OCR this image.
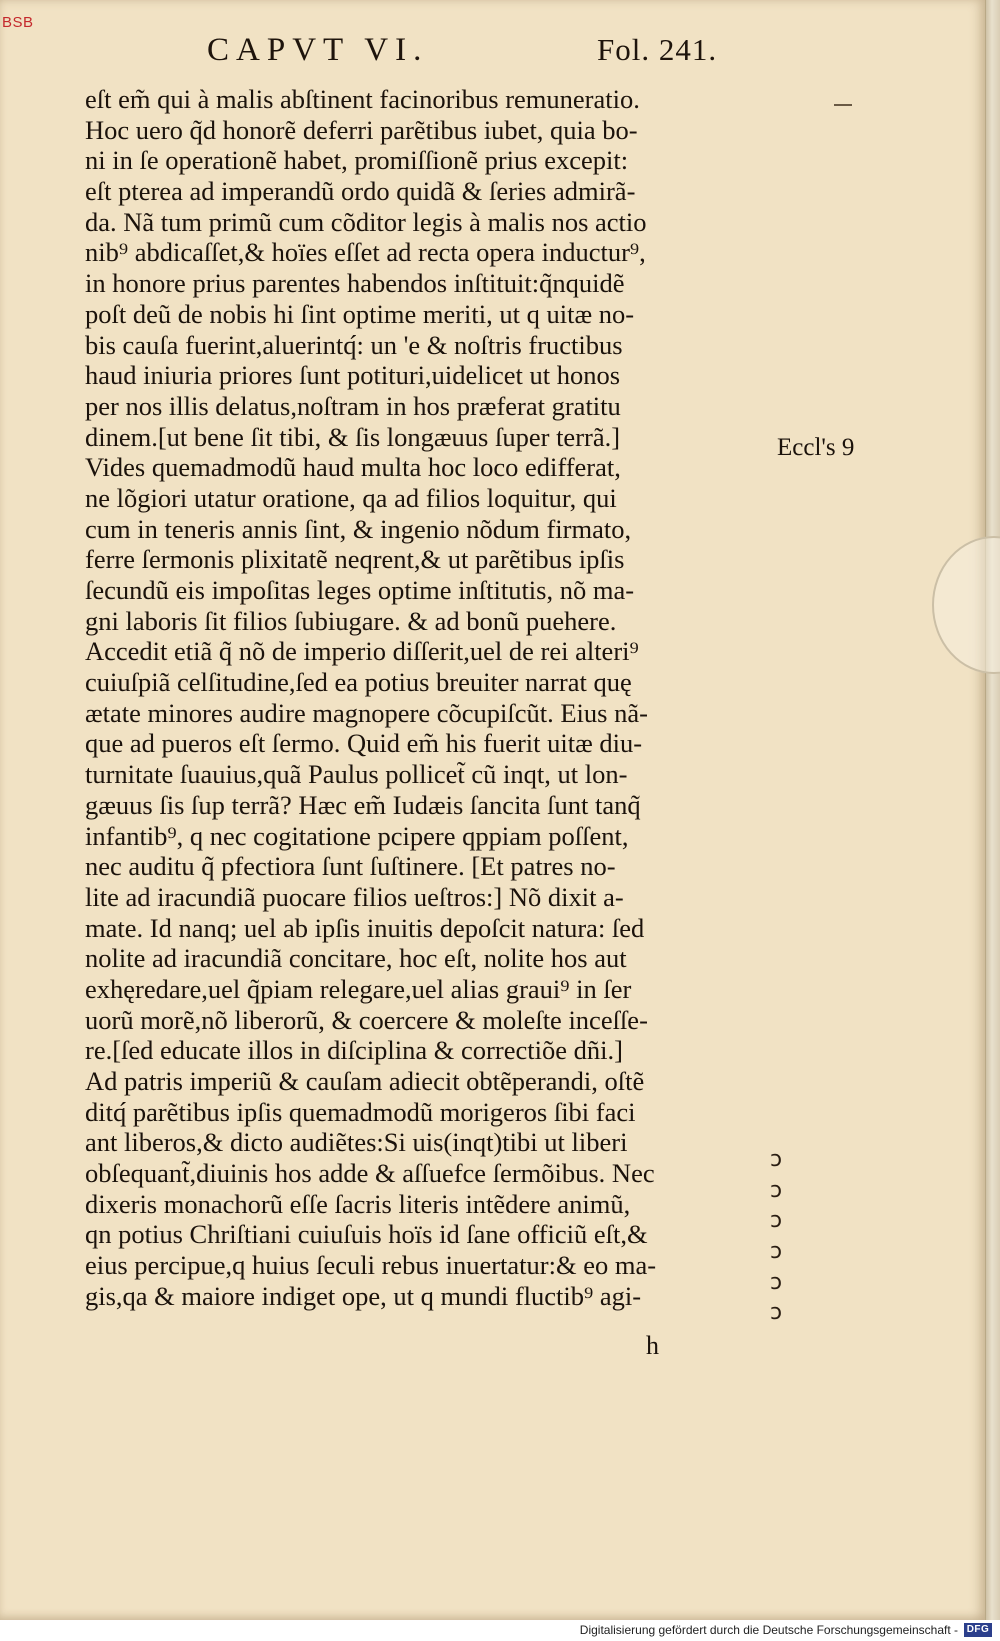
BSB
CAPVT VI.	Fol. 241.
eſt em̃ qui à malis abſtinent facinoribus remuneratio.
Hoc uero q̃d honorẽ deferri parẽtibus iubet, quia bo-
ni in ſe operationẽ habet, promiſſionẽ prius excepit:
eſt pterea ad imperandũ ordo quidã & ſeries admirã-
da. Nã tum primũ cum cõditor legis à malis nos actio
nib⁹ abdicaſſet,& hoïes eſſet ad recta opera inductur⁹,
in honore prius parentes habendos inſtituit:q̃nquidẽ
poſt deũ de nobis hi ſint optime meriti, ut q uitæ no-
bis cauſa fuerint,aluerintq́: un 'e & noſtris fructibus
haud iniuria priores ſunt potituri,uidelicet ut honos
per nos illis delatus,noſtram in hos præferat gratitu
dinem.[ut bene ſit tibi, & ſis longæuus ſuper terrã.]
Vides quemadmodũ haud multa hoc loco edifferat,
ne lõgiori utatur oratione, qa ad filios loquitur, qui
cum in teneris annis ſint, & ingenio nõdum firmato,
ferre ſermonis plixitatẽ neqrent,& ut parẽtibus ipſis
ſecundũ eis impoſitas leges optime inſtitutis, nõ ma-
gni laboris ſit filios ſubiugare. & ad bonũ puehere.
Accedit etiã q̃ nõ de imperio diſſerit,uel de rei alteri⁹
cuiuſpiã celſitudine,ſed ea potius breuiter narrat quę
ætate minores audire magnopere cõcupiſcũt. Eius nã-
que ad pueros eſt ſermo. Quid em̃ his fuerit uitæ diu-
turnitate ſuauius,quã Paulus pollicet̃ cũ inqt, ut lon-
gæuus ſis ſup terrã? Hæc em̃ Iudæis ſancita ſunt tanq̃
infantib⁹, q nec cogitatione pcipere qppiam poſſent,
nec auditu q̃ pfectiora ſunt ſuſtinere. [Et patres no-
lite ad iracundiã puocare filios ueſtros:] Nõ dixit a-
mate. Id nanq; uel ab ipſis inuitis depoſcit natura: ſed
nolite ad iracundiã concitare, hoc eſt, nolite hos aut
exhęredare,uel q̃piam relegare,uel alias graui⁹ in ſer
uorũ morẽ,nõ liberorũ, & coercere & moleſte inceſſe-
re.[ſed educate illos in diſciplina & correctiõe dñi.]
Ad patris imperiũ & cauſam adiecit obtẽperandi, oſtẽ
ditq́ parẽtibus ipſis quemadmodũ morigeros ſibi faci
ant liberos,& dicto audiẽtes:Si uis(inqt)tibi ut liberi
obſequant̃,diuinis hos adde & aſſuefce ſermõibus. Nec
dixeris monachorũ eſſe ſacris literis intẽdere animũ,
qn potius Chriſtiani cuiuſuis hoïs id ſane officiũ eſt,&
eius percipue,q huius ſeculi rebus inuertatur:& eo ma-
gis,qa & maiore indiget ope, ut q mundi fluctib⁹ agi-
Eccl's 9
ↄ
ↄ
ↄ
ↄ
ↄ
ↄ
h
Digitalisierung gefördert durch die Deutsche Forschungsgemeinschaft - DFG
